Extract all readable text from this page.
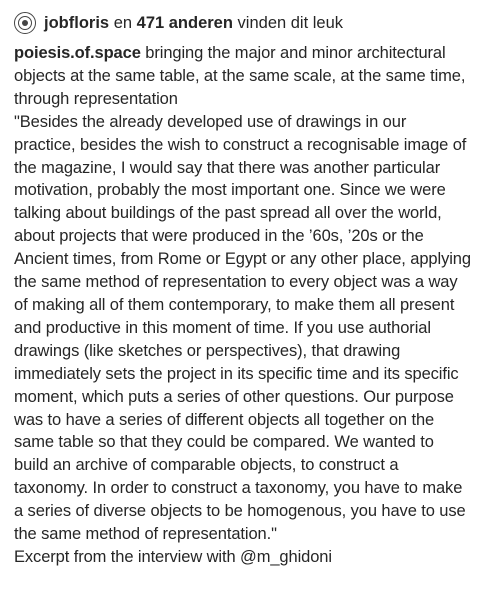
jobfloris
en
471 anderen
vinden dit leuk

poiesis.of.space bringing the major and minor architectural objects at the same table, at the same scale, at the same time, through representation

"Besides the already developed use of drawings in our practice, besides the wish to construct a recognisable image of the magazine, I would say that there was another particular motivation, probably the most important one. Since we were talking about buildings of the past spread all over the world, about projects that were produced in the ’60s, ’20s or the Ancient times, from Rome or Egypt or any other place, applying the same method of representation to every object was a way of making all of them contemporary, to make them all present and productive in this moment of time. If you use authorial drawings (like sketches or perspectives), that drawing immediately sets the project in its specific time and its specific moment, which puts a series of other questions. Our purpose was to have a series of different objects all together on the same table so that they could be compared. We wanted to build an archive of comparable objects, to construct a taxonomy. In order to construct a taxonomy, you have to make a series of diverse objects to be homogenous, you have to use the same method of representation."

Excerpt from the interview with @m_ghidoni
